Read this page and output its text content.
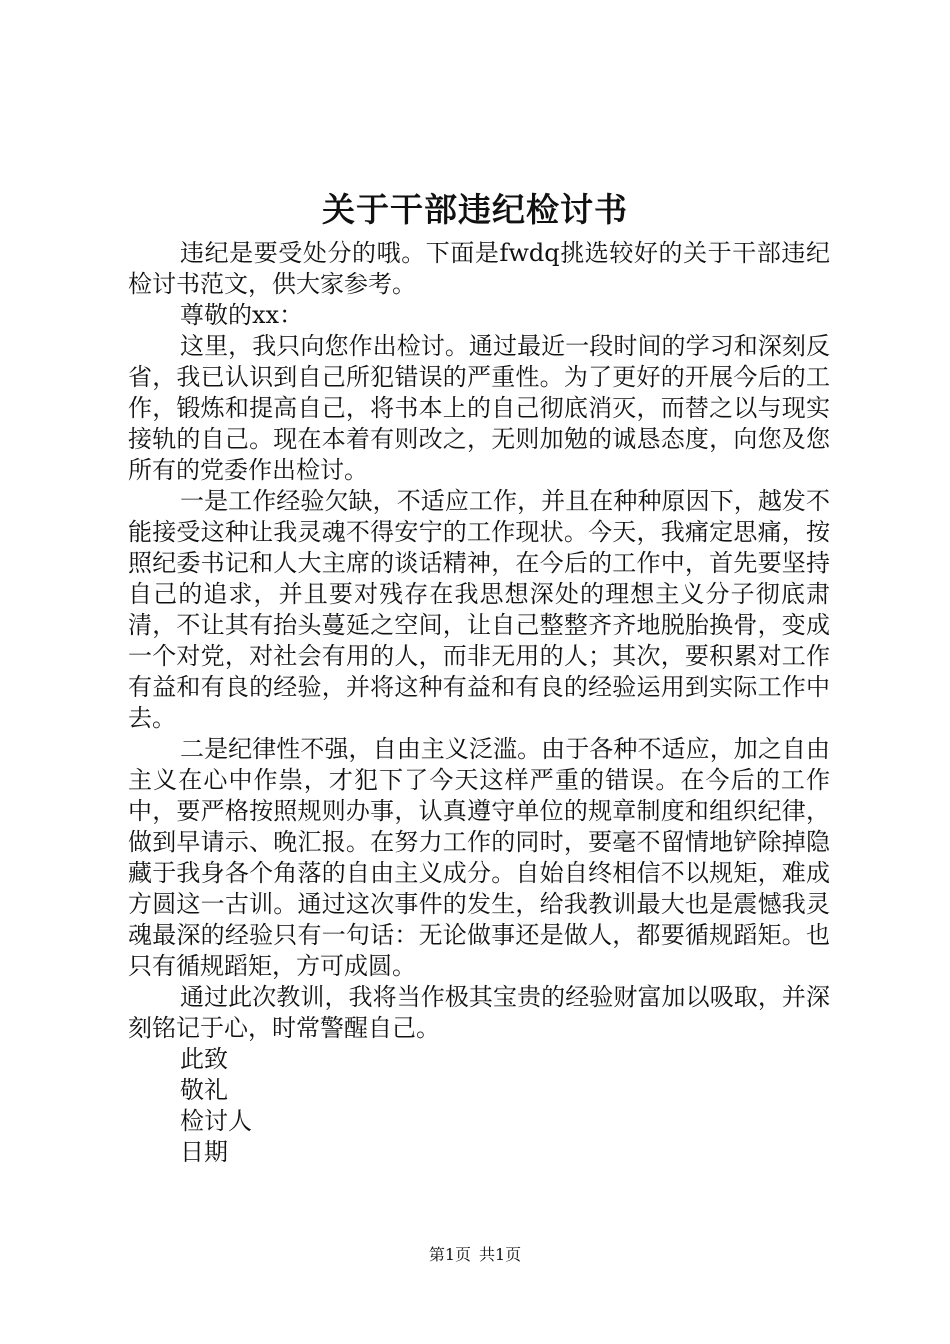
关于干部违纪检讨书

违纪是要受处分的哦。下面是fwdq挑选较好的关于干部违纪检讨书范文，供大家参考。

尊敬的xx：

这里，我只向您作出检讨。通过最近一段时间的学习和深刻反省，我已认识到自己所犯错误的严重性。为了更好的开展今后的工作，锻炼和提高自己，将书本上的自己彻底消灭，而替之以与现实接轨的自己。现在本着有则改之，无则加勉的诚恳态度，向您及您所有的党委作出检讨。

一是工作经验欠缺，不适应工作，并且在种种原因下，越发不能接受这种让我灵魂不得安宁的工作现状。今天，我痛定思痛，按照纪委书记和人大主席的谈话精神，在今后的工作中，首先要坚持自己的追求，并且要对残存在我思想深处的理想主义分子彻底肃清，不让其有抬头蔓延之空间，让自己整整齐齐地脱胎换骨，变成一个对党，对社会有用的人，而非无用的人；其次，要积累对工作有益和有良的经验，并将这种有益和有良的经验运用到实际工作中去。

二是纪律性不强，自由主义泛滥。由于各种不适应，加之自由主义在心中作祟，才犯下了今天这样严重的错误。在今后的工作中，要严格按照规则办事，认真遵守单位的规章制度和组织纪律，做到早请示、晚汇报。在努力工作的同时，要毫不留情地铲除掉隐藏于我身各个角落的自由主义成分。自始自终相信不以规矩，难成方圆这一古训。通过这次事件的发生，给我教训最大也是震憾我灵魂最深的经验只有一句话：无论做事还是做人，都要循规蹈矩。也只有循规蹈矩，方可成圆。

通过此次教训，我将当作极其宝贵的经验财富加以吸取，并深刻铭记于心，时常警醒自己。

此致

敬礼

检讨人

日期

第1页 共1页
